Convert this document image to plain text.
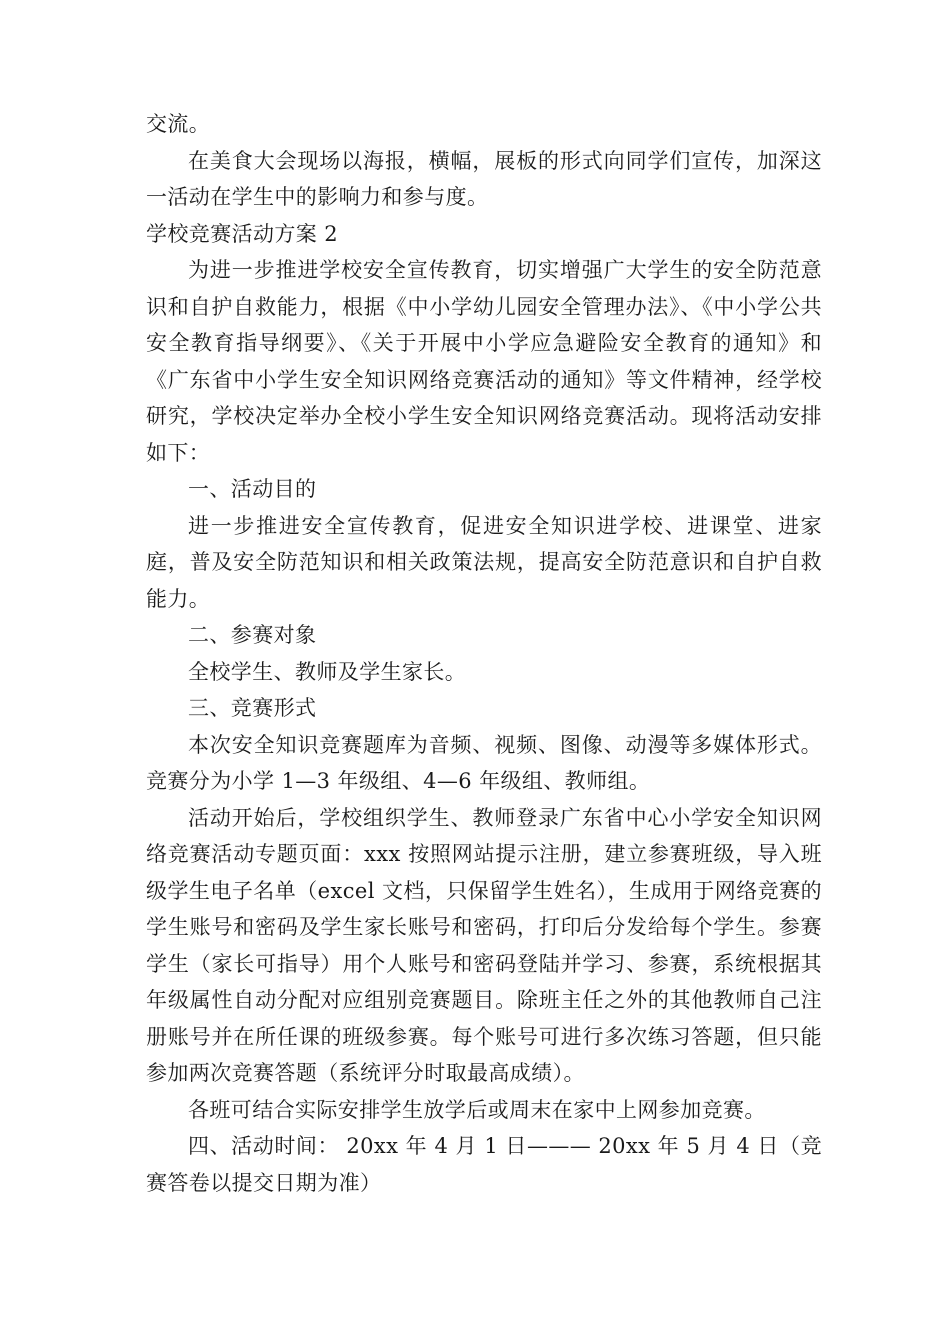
交流。

在美食大会现场以海报，横幅，展板的形式向同学们宣传，加深这一活动在学生中的影响力和参与度。

学校竞赛活动方案 2

为进一步推进学校安全宣传教育，切实增强广大学生的安全防范意识和自护自救能力，根据《中小学幼儿园安全管理办法》、《中小学公共安全教育指导纲要》、《关于开展中小学应急避险安全教育的通知》和《广东省中小学生安全知识网络竞赛活动的通知》等文件精神，经学校研究，学校决定举办全校小学生安全知识网络竞赛活动。现将活动安排如下：

一、活动目的

进一步推进安全宣传教育，促进安全知识进学校、进课堂、进家庭，普及安全防范知识和相关政策法规，提高安全防范意识和自护自救能力。

二、参赛对象

全校学生、教师及学生家长。

三、竞赛形式

本次安全知识竞赛题库为音频、视频、图像、动漫等多媒体形式。竞赛分为小学 1—3 年级组、4—6 年级组、教师组。

活动开始后，学校组织学生、教师登录广东省中心小学安全知识网络竞赛活动专题页面：xxx 按照网站提示注册，建立参赛班级，导入班级学生电子名单（excel 文档，只保留学生姓名），生成用于网络竞赛的学生账号和密码及学生家长账号和密码，打印后分发给每个学生。参赛学生（家长可指导）用个人账号和密码登陆并学习、参赛，系统根据其年级属性自动分配对应组别竞赛题目。除班主任之外的其他教师自己注册账号并在所任课的班级参赛。每个账号可进行多次练习答题，但只能参加两次竞赛答题（系统评分时取最高成绩）。

各班可结合实际安排学生放学后或周末在家中上网参加竞赛。

四、活动时间： 20xx 年 4 月 1 日——— 20xx 年 5 月 4 日（竞赛答卷以提交日期为准）
